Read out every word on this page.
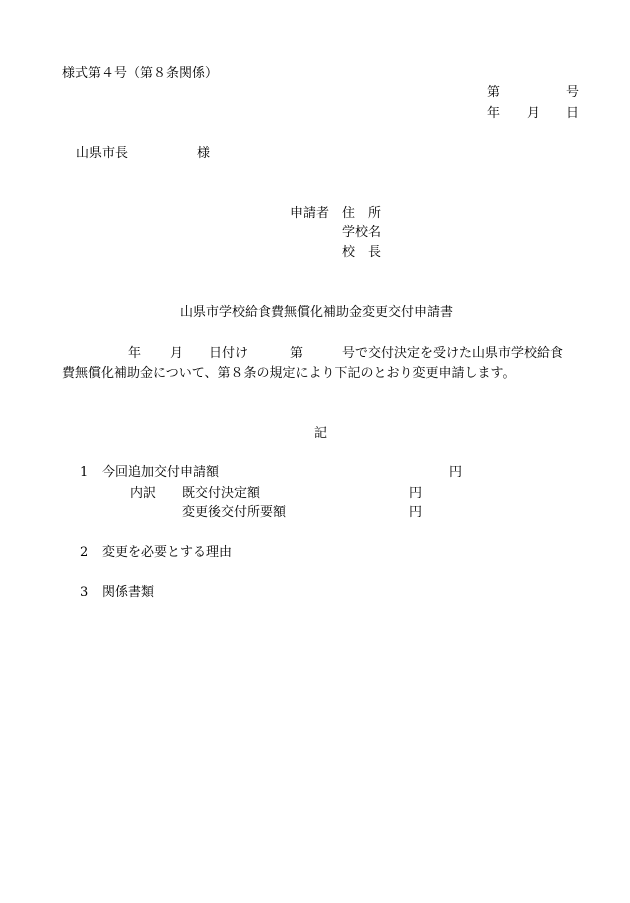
様式第４号（第８条関係）
第	号
年 月 日
山県市長	様
申請者 住　所
学校名
校　長
山県市学校給食費無償化補助金変更交付申請書
年 月 日付け	第	号で交付決定を受けた山県市学校給食
費無償化補助金について、第８条の規定により下記のとおり変更申請します。
記
1 今回追加交付申請額	円
内訳 既交付決定額	円
変更後交付所要額	円
2 変更を必要とする理由
3 関係書類
